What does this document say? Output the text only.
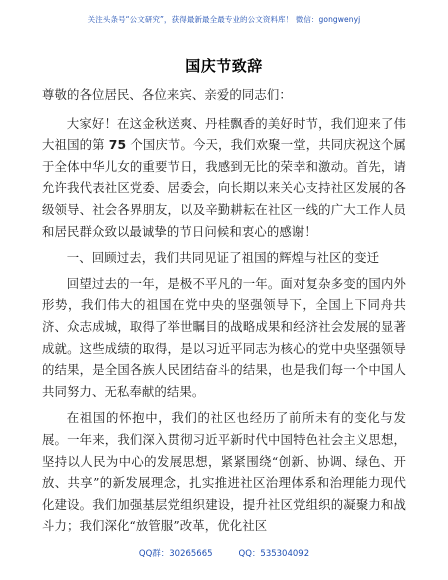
关注头条号“公文研究”，获得最新最全最专业的公文资料库！ 微信：gongwenyj
国庆节致辞

尊敬的各位居民、各位来宾、亲爱的同志们：

大家好！在这金秋送爽、丹桂飘香的美好时节，我们迎来了伟大祖国的第 75 个国庆节。今天，我们欢聚一堂，共同庆祝这个属于全体中华儿女的重要节日，我感到无比的荣幸和激动。首先，请允许我代表社区党委、居委会，向长期以来关心支持社区发展的各级领导、社会各界朋友，以及辛勤耕耘在社区一线的广大工作人员和居民群众致以最诚挚的节日问候和衷心的感谢！

一、回顾过去，我们共同见证了祖国的辉煌与社区的变迁

回望过去的一年，是极不平凡的一年。面对复杂多变的国内外形势，我们伟大的祖国在党中央的坚强领导下，全国上下同舟共济、众志成城，取得了举世瞩目的战略成果和经济社会发展的显著成就。这些成绩的取得，是以习近平同志为核心的党中央坚强领导的结果，是全国各族人民团结奋斗的结果，也是我们每一个中国人共同努力、无私奉献的结果。

在祖国的怀抱中，我们的社区也经历了前所未有的变化与发展。一年来，我们深入贯彻习近平新时代中国特色社会主义思想，坚持以人民为中心的发展思想，紧紧围绕“创新、协调、绿色、开放、共享”的新发展理念，扎实推进社区治理体系和治理能力现代化建设。我们加强基层党组织建设，提升社区党组织的凝聚力和战斗力；我们深化“放管服”改革，优化社区

QQ群：30265665	QQ：535304092
